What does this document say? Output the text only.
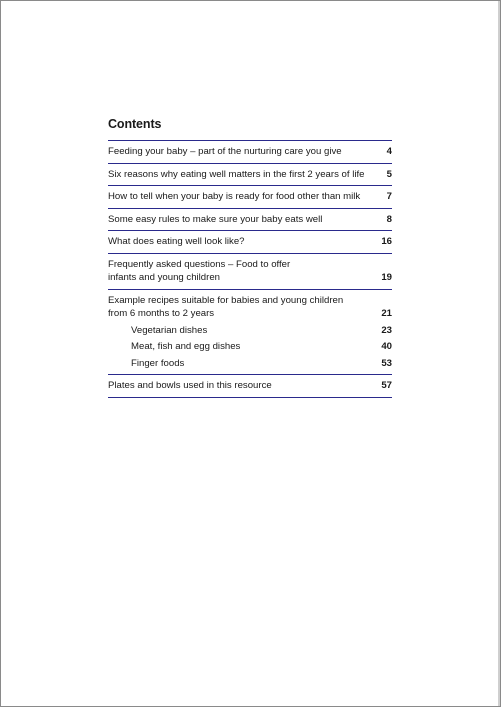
Contents
Feeding your baby – part of the nurturing care you give	4
Six reasons why eating well matters in the first 2 years of life	5
How to tell when your baby is ready for food other than milk	7
Some easy rules to make sure your baby eats well	8
What does eating well look like?	16
Frequently asked questions – Food to offer
infants and young children	19
Example recipes suitable for babies and young children
from 6 months to 2 years	21
Vegetarian dishes	23
Meat, fish and egg dishes	40
Finger foods	53
Plates and bowls used in this resource	57
